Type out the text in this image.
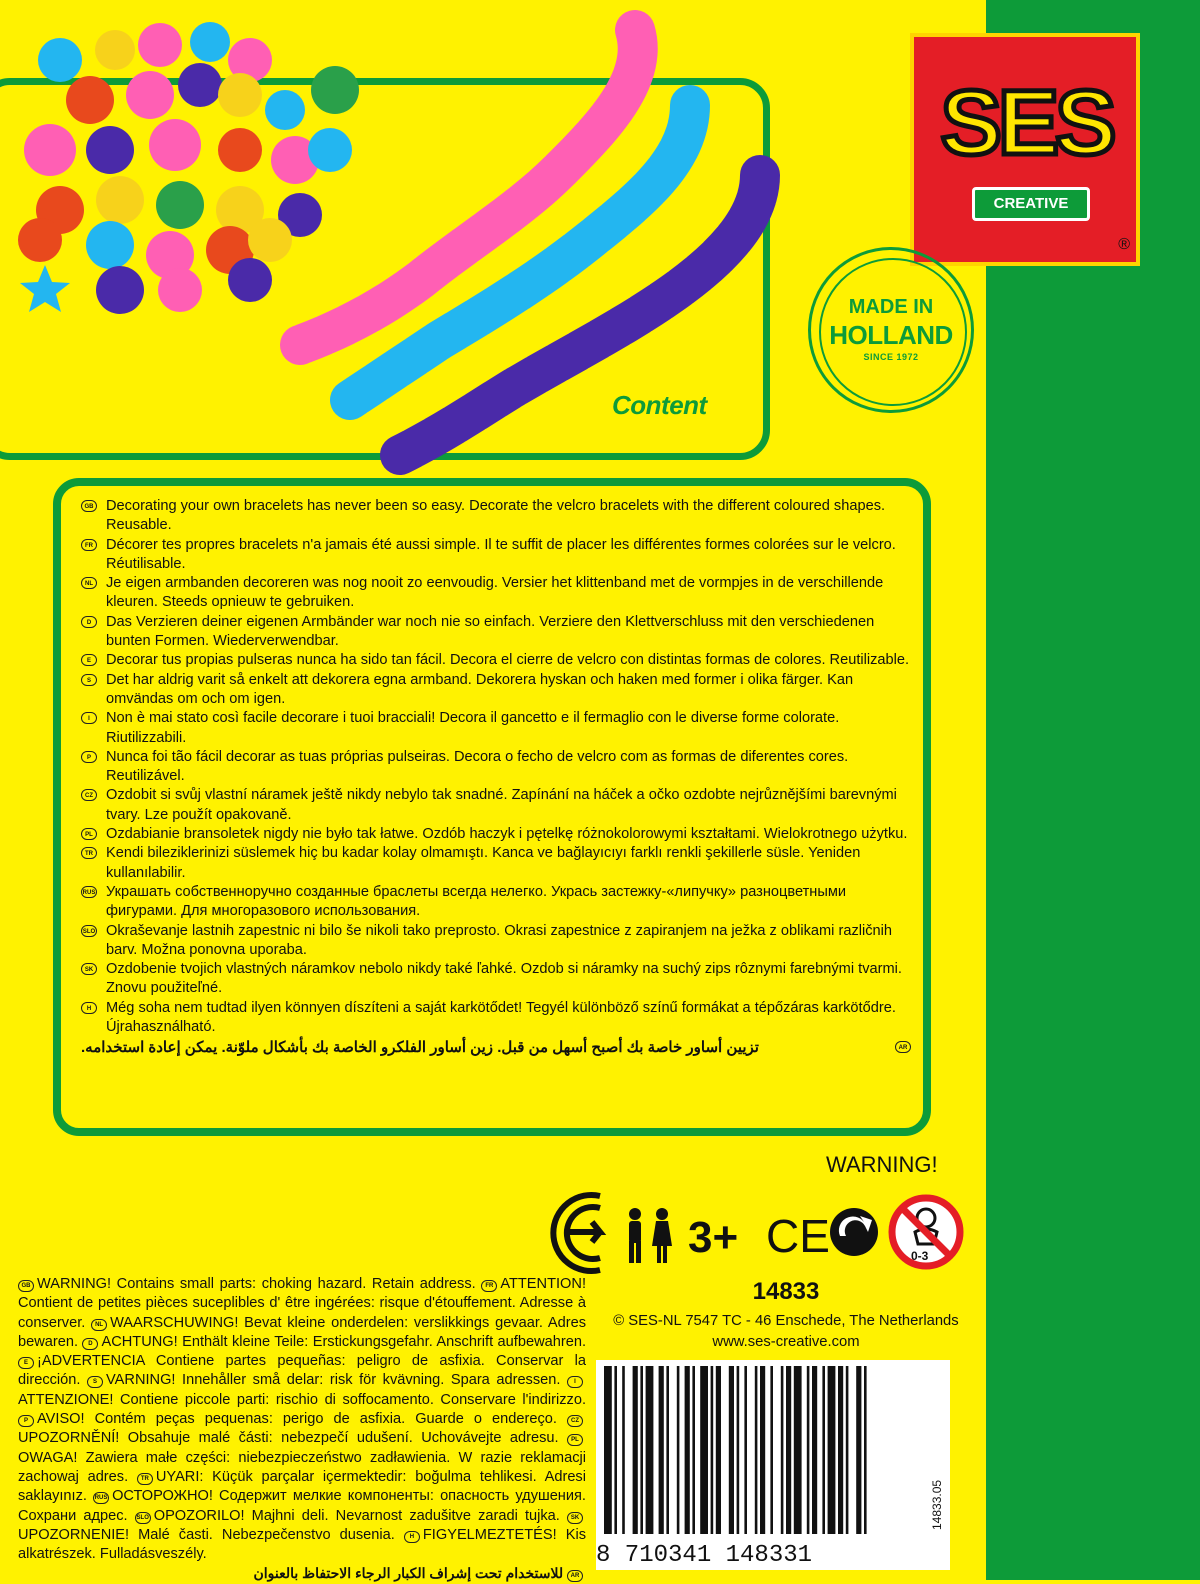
Content
SES
CREATIVE
®
MADE IN
HOLLAND
SINCE 1972
GB Decorating your own bracelets has never been so easy. Decorate the velcro bracelets with the different coloured shapes. Reusable.
FR Décorer tes propres bracelets n'a jamais été aussi simple. Il te suffit de placer les différentes formes colorées sur le velcro. Réutilisable.
NL Je eigen armbanden decoreren was nog nooit zo eenvoudig. Versier het klittenband met de vormpjes in de verschillende kleuren. Steeds opnieuw te gebruiken.
D	Das Verzieren deiner eigenen Armbänder war noch nie so einfach. Verziere den Klettverschluss mit den verschiedenen bunten Formen. Wiederverwendbar.
E	Decorar tus propias pulseras nunca ha sido tan fácil. Decora el cierre de velcro con distintas formas de colores. Reutilizable.
S	Det har aldrig varit så enkelt att dekorera egna armband. Dekorera hyskan och haken med former i olika färger. Kan omvändas om och om igen.
I	Non è mai stato così facile decorare i tuoi bracciali! Decora il gancetto e il fermaglio con le diverse forme colorate. Riutilizzabili.
P	Nunca foi tão fácil decorar as tuas próprias pulseiras. Decora o fecho de velcro com as formas de diferentes cores. Reutilizável.
CZ Ozdobit si svůj vlastní náramek ještě nikdy nebylo tak snadné. Zapínání na háček a očko ozdobte nejrůznějšími barevnými tvary. Lze použít opakovaně.
PL Ozdabianie bransoletek nigdy nie było tak łatwe. Ozdób haczyk i pętelkę różnokolorowymi kształtami. Wielokrotnego użytku.
TR Kendi bileziklerinizi süslemek hiç bu kadar kolay olmamıştı. Kanca ve bağlayıcıyı farklı renkli şekillerle süsle. Yeniden kullanılabilir.
RUS Украшать собственноручно созданные браслеты всегда нелегко. Укрась застежку-«липучку» разноцветными фигурами. Для многоразового использования.
SLO Okraševanje lastnih zapestnic ni bilo še nikoli tako preprosto. Okrasi zapestnice z zapiranjem na ježka z oblikami različnih barv. Možna ponovna uporaba.
SK Ozdobenie tvojich vlastných náramkov nebolo nikdy také ľahké. Ozdob si náramky na suchý zips rôznymi farebnými tvarmi. Znovu použiteľné.
H	Még soha nem tudtad ilyen könnyen díszíteni a saját karkötődet! Tegyél különböző színű formákat a tépőzáras karkötődre. Újrahasználható.
AR
تزيين أساور خاصة بك أصبح أسهل من قبل. زين أساور الفلكرو الخاصة بك بأشكال ملوّنة. يمكن إعادة استخدامه.
WARNING!
3+ CE	0-3
GB WARNING! Contains small parts: choking hazard. Retain address. FR ATTENTION! Contient de petites pièces suceplibles d' être ingérées: risque d'étouffement. Adresse à conserver. NL WAARSCHUWING! Bevat kleine onderdelen: verslikkings gevaar. Adres bewaren. D ACHTUNG! Enthält kleine Teile: Erstickungsgefahr. Anschrift aufbewahren. E ¡ADVERTENCIA Contiene partes pequeñas: peligro de asfixia. Conservar la dirección. S VARNING! Innehåller små delar: risk för kvävning. Spara adressen. IATTENZIONE! Contiene piccole parti: rischio di soffocamento. Conservare l'indirizzo. P AVISO! Contém peças pequenas: perigo de asfixia. Guarde o endereço. CZUPOZORNĚNÍ! Obsahuje malé části: nebezpečí udušení. Uchovávejte adresu. PLOWAGA! Zawiera małe części: niebezpieczeństwo zadławienia. W razie reklamacji zachowaj adres. TR UYARI: Küçük parçalar içermektedir: boğulma tehlikesi. Adresi saklayınız. RUS ОСТОРОЖНО! Содержит мелкие компоненты: опасность удушения. Сохрани адрес. SLO OPOZORILO! Majhni deli. Nevarnost zadušitve zaradi tujka. SKUPOZORNENIE! Malé časti. Nebezpečenstvo dusenia. H FIGYELMEZTETÉS! Kis alkatrészek. Fulladásveszély.
AR للاستخدام تحت إشراف الكبار الرجاء الاحتفاظ بالعنوان
14833
© SES-NL 7547 TC - 46 Enschede, The Netherlands
www.ses-creative.com
8 710341 148331
14833.05
